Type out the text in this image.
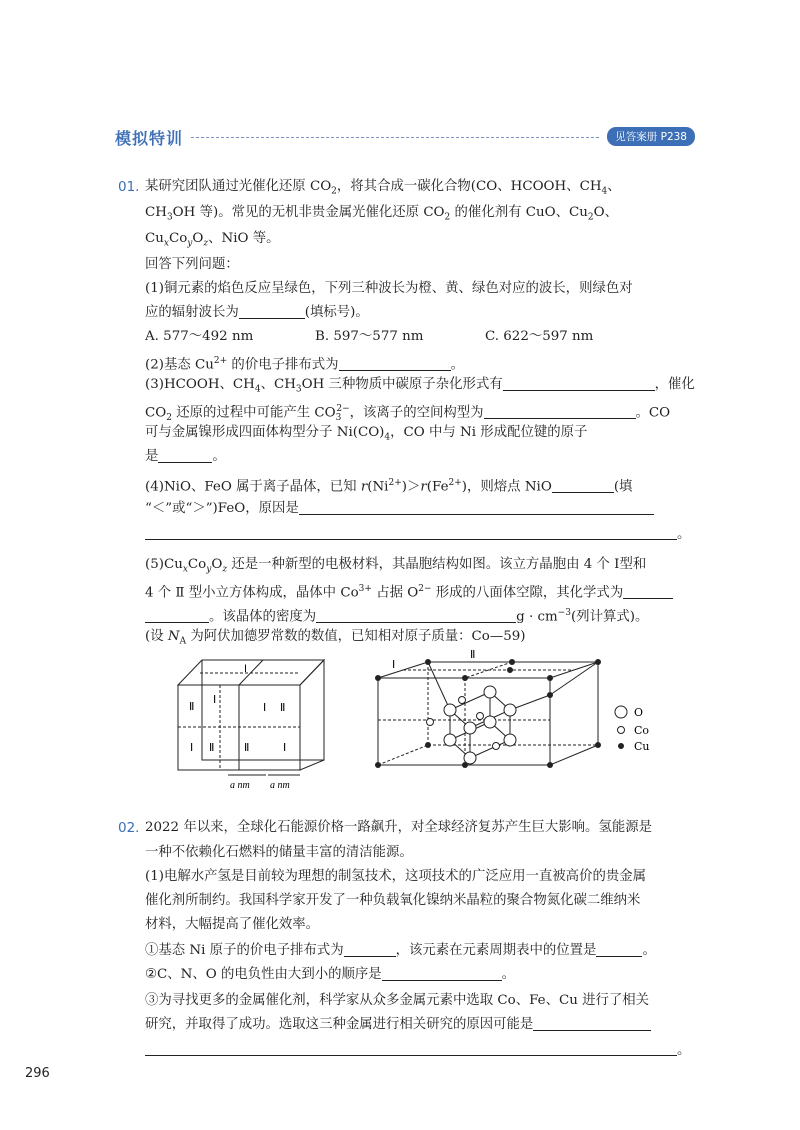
模拟特训	见答案册 P238
01. 某研究团队通过光催化还原 $CO_2$，将其合成一碳化合物(CO、HCOOH、$CH_4$、
$CH_3OH$ 等)。常见的无机非贵金属光催化还原 $CO_2$ 的催化剂有 CuO、$Cu_2O$、
$Cu_xCo_yO_z$、NiO 等。
回答下列问题：
(1)铜元素的焰色反应呈绿色，下列三种波长为橙、黄、绿色对应的波长，则绿色对
应的辐射波长为	(填标号)。
A. 577～492 nm	B. 597～577 nm	C. 622～597 nm
(2)基态 $Cu^{2+}$ 的价电子排布式为	。
(3)HCOOH、$CH_4$、$CH_3OH$ 三种物质中碳原子杂化形式有	，催化
$CO_2$ 还原的过程中可能产生 $CO_3^{2-}$，该离子的空间构型为	。CO
可与金属镍形成四面体构型分子 $Ni(CO)_4$，CO 中与 Ni 形成配位键的原子
是	。
(4)NiO、FeO 属于离子晶体，已知 $r(Ni^{2+})>r(Fe^{2+})$，则熔点 NiO	(填
“＜”或“＞”)FeO，原因是
。
$(5)Cu_xCo_yO_z$ 还是一种新型的电极材料，其晶胞结构如图。该立方晶胞由 4 个 Ⅰ型和
4 个 Ⅱ 型小立方体构成，晶体中 $Co^{3+}$ 占据 $O^{2-}$ 形成的八面体空隙，其化学式为
。该晶体的密度为	$g \cdot cm^{-3}$(列计算式)。
(设 $N_A$ 为阿伏加德罗常数的数值，已知相对原子质量：Co—59)
Ⅱ
Ⅰ
Ⅰ
Ⅰ Ⅱ
Ⅰ Ⅱ	Ⅱ	Ⅰ
a nm a nm
Ⅰ
Ⅱ
O
Co
Cu
02. 2022 年以来，全球化石能源价格一路飙升，对全球经济复苏产生巨大影响。氢能源是
一种不依赖化石燃料的储量丰富的清洁能源。
(1)电解水产氢是目前较为理想的制氢技术，这项技术的广泛应用一直被高价的贵金属
催化剂所制约。我国科学家开发了一种负载氧化镍纳米晶粒的聚合物氮化碳二维纳米
材料，大幅提高了催化效率。
①基态 Ni 原子的价电子排布式为	，该元素在元素周期表中的位置是	。
②C、N、O 的电负性由大到小的顺序是	。
③为寻找更多的金属催化剂，科学家从众多金属元素中选取 Co、Fe、Cu 进行了相关
研究，并取得了成功。选取这三种金属进行相关研究的原因可能是
。
296
